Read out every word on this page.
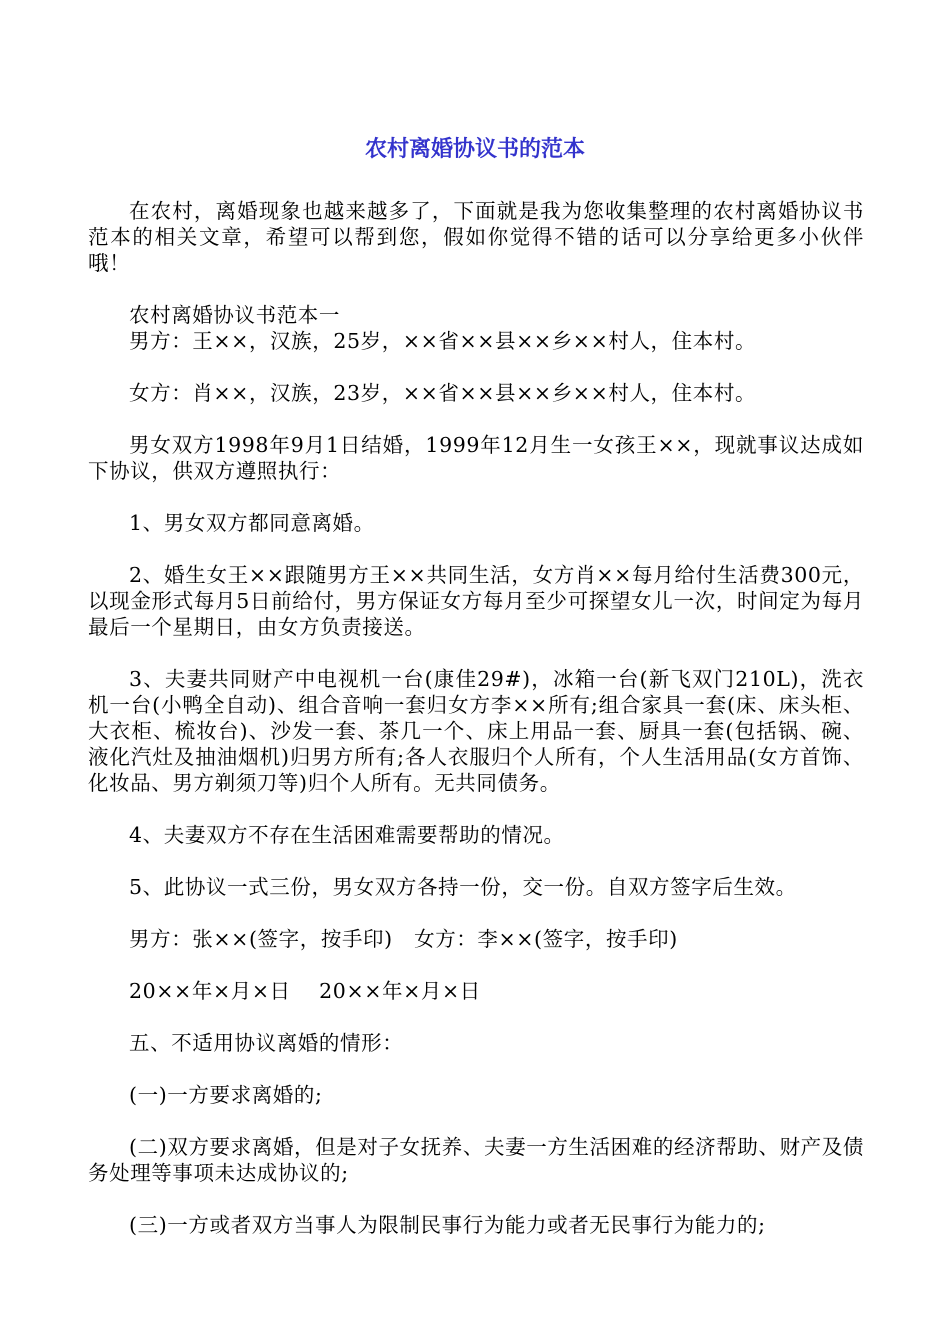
农村离婚协议书的范本

在农村，离婚现象也越来越多了，下面就是我为您收集整理的农村离婚协议书范本的相关文章，希望可以帮到您，假如你觉得不错的话可以分享给更多小伙伴哦！

农村离婚协议书范本一

男方：王××，汉族，25岁，××省××县××乡××村人，住本村。

女方：肖××，汉族，23岁，××省××县××乡××村人，住本村。

男女双方1998年9月1日结婚，1999年12月生一女孩王××，现就事议达成如下协议，供双方遵照执行：

1、男女双方都同意离婚。

2、婚生女王××跟随男方王××共同生活，女方肖××每月给付生活费300元，以现金形式每月5日前给付，男方保证女方每月至少可探望女儿一次，时间定为每月最后一个星期日，由女方负责接送。

3、夫妻共同财产中电视机一台(康佳29#)，冰箱一台(新飞双门210L)，洗衣机一台(小鸭全自动)、组合音响一套归女方李××所有;组合家具一套(床、床头柜、大衣柜、梳妆台)、沙发一套、茶几一个、床上用品一套、厨具一套(包括锅、碗、液化汽灶及抽油烟机)归男方所有;各人衣服归个人所有，个人生活用品(女方首饰、化妆品、男方剃须刀等)归个人所有。无共同债务。

4、夫妻双方不存在生活困难需要帮助的情况。

5、此协议一式三份，男女双方各持一份，交一份。自双方签字后生效。

男方：张××(签字，按手印)   女方：李××(签字，按手印)

20××年×月×日    20××年×月×日

五、不适用协议离婚的情形：

(一)一方要求离婚的;

(二)双方要求离婚，但是对子女抚养、夫妻一方生活困难的经济帮助、财产及债务处理等事项未达成协议的;

(三)一方或者双方当事人为限制民事行为能力或者无民事行为能力的;
